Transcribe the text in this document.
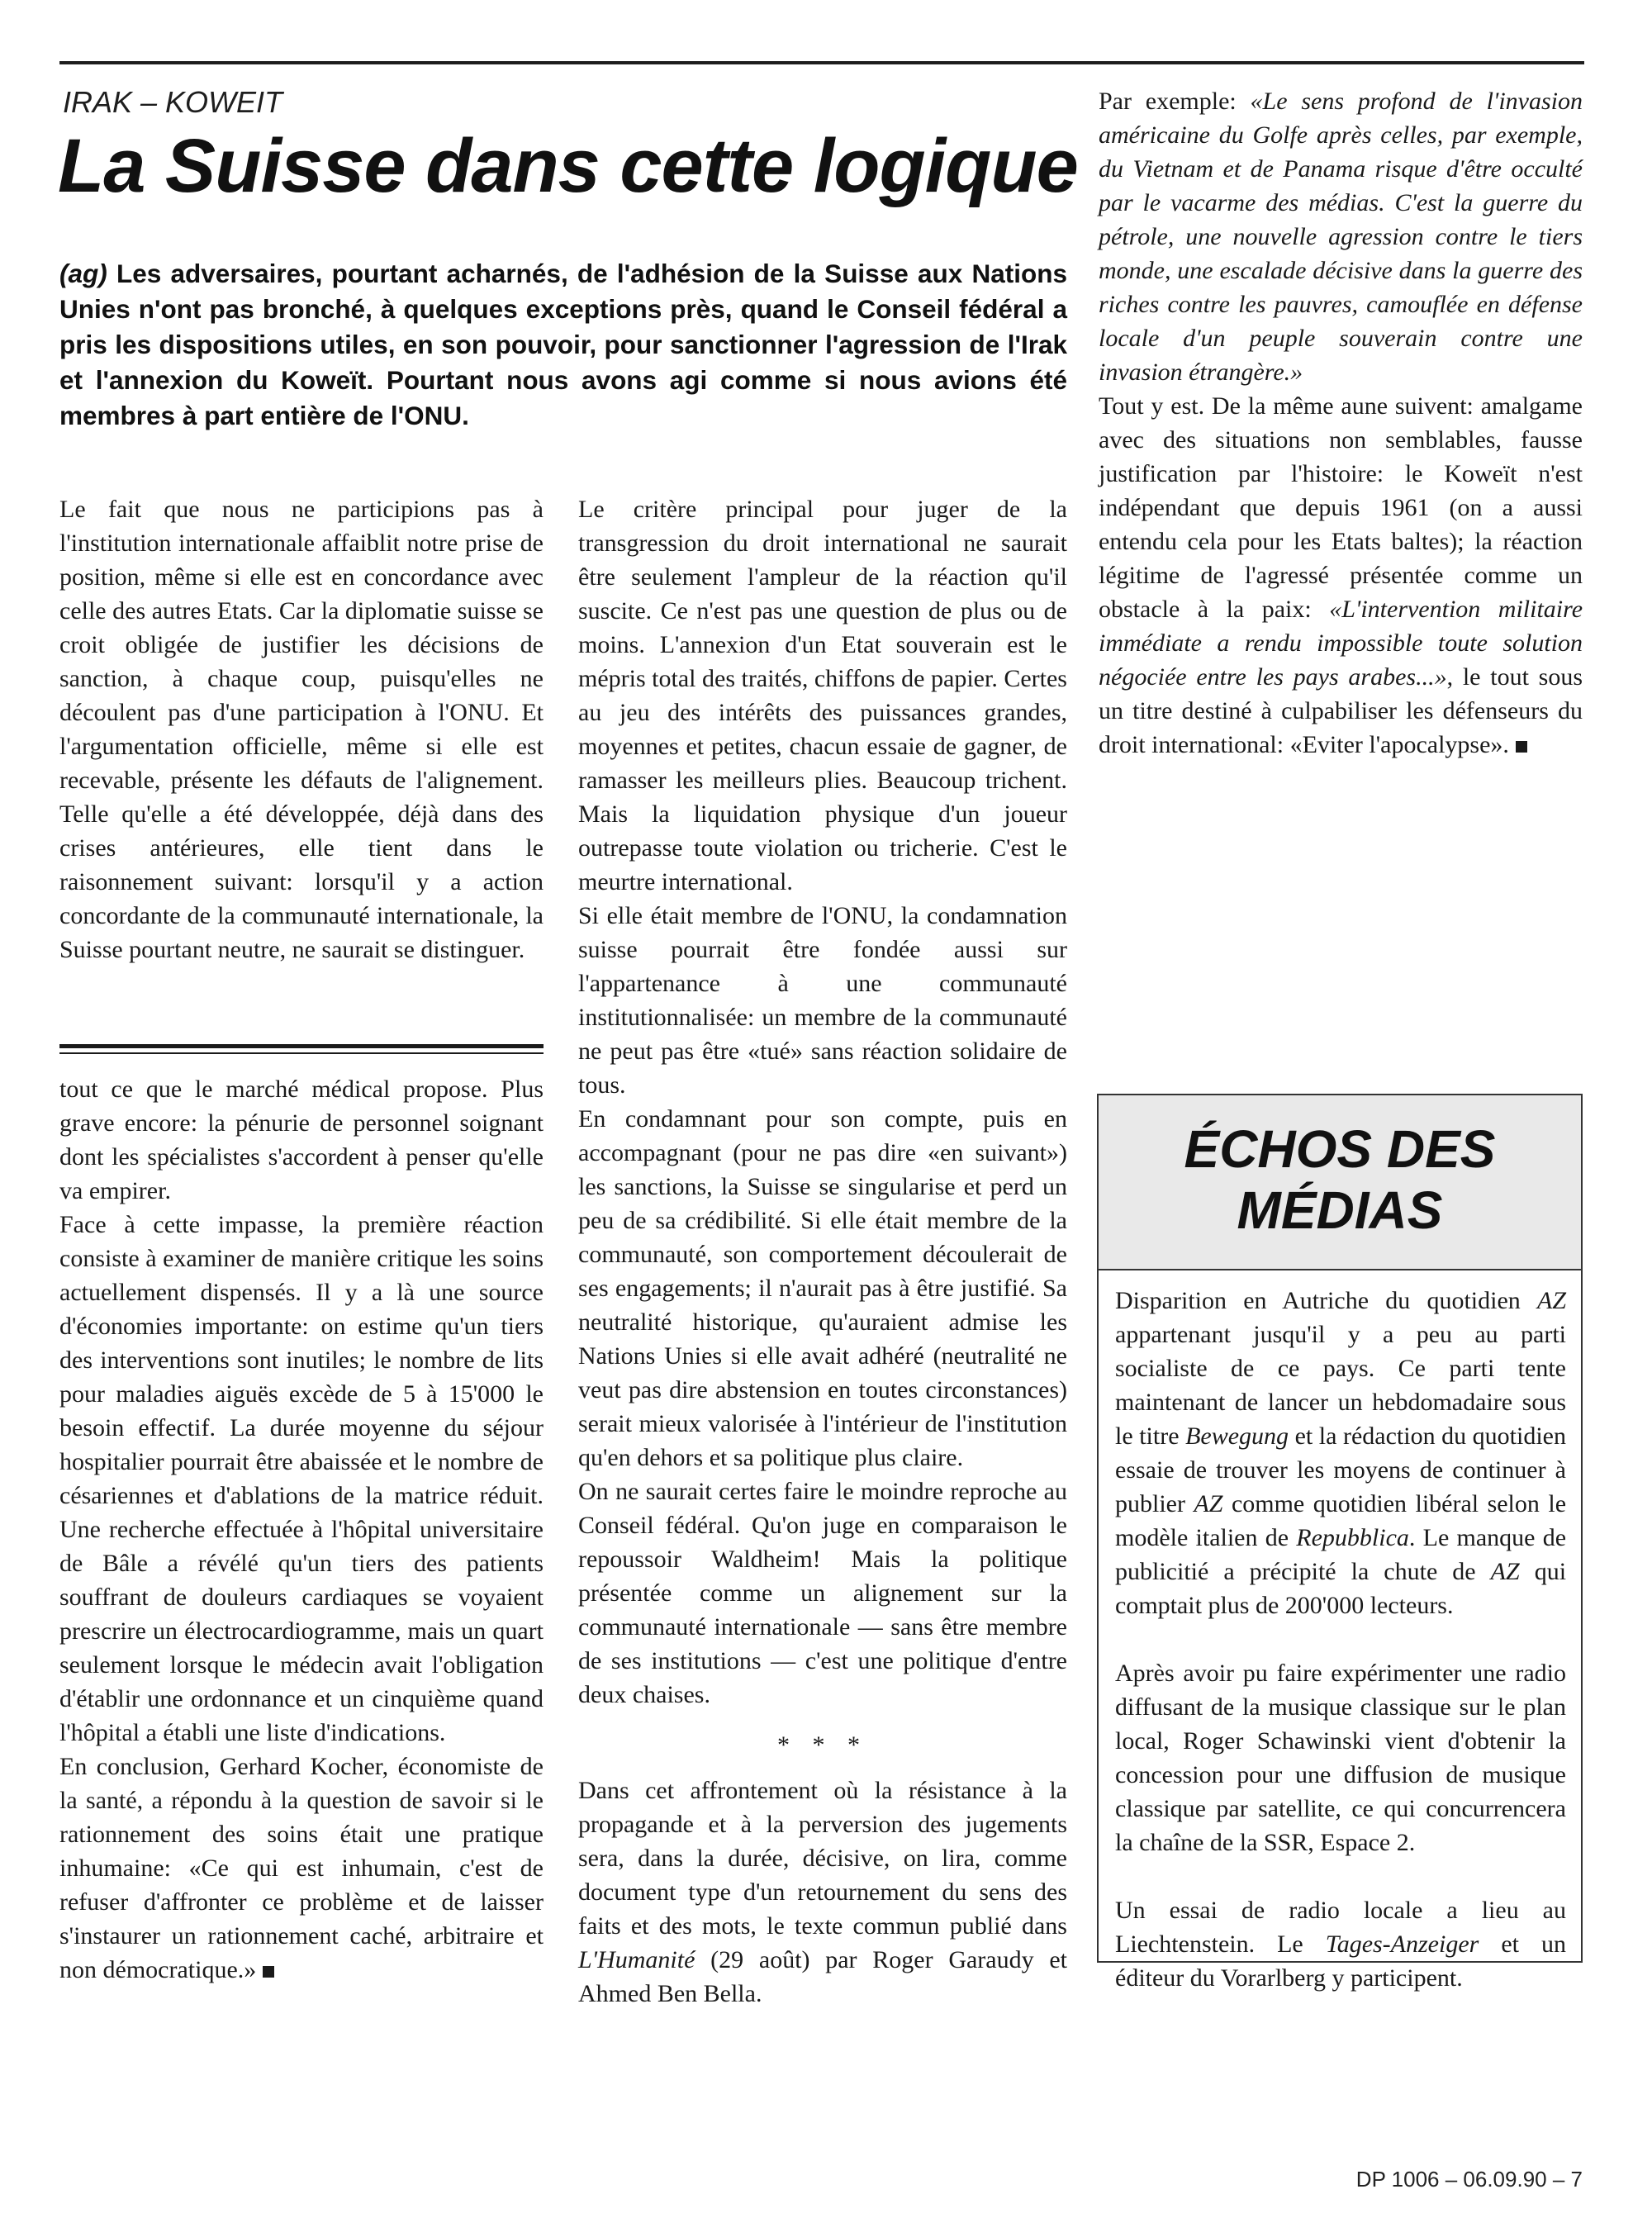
IRAK – KOWEIT
La Suisse dans cette logique
(ag) Les adversaires, pourtant acharnés, de l'adhésion de la Suisse aux Nations Unies n'ont pas bronché, à quelques exceptions près, quand le Conseil fédéral a pris les dispositions utiles, en son pouvoir, pour sanctionner l'agression de l'Irak et l'annexion du Koweït. Pourtant nous avons agi comme si nous avions été membres à part entière de l'ONU.

Le fait que nous ne participions pas à l'institution internationale affaiblit notre prise de position, même si elle est en concordance avec celle des autres Etats. Car la diplomatie suisse se croit obligée de justifier les décisions de sanction, à chaque coup, puisqu'elles ne découlent pas d'une participation à l'ONU. Et l'argumentation officielle, même si elle est recevable, présente les défauts de l'alignement. Telle qu'elle a été développée, déjà dans des crises antérieures, elle tient dans le raisonnement suivant: lorsqu'il y a action concordante de la communauté internationale, la Suisse pourtant neutre, ne saurait se distinguer.

tout ce que le marché médical propose. Plus grave encore: la pénurie de personnel soignant dont les spécialistes s'accordent à penser qu'elle va empirer.

Face à cette impasse, la première réaction consiste à examiner de manière critique les soins actuellement dispensés. Il y a là une source d'économies importante: on estime qu'un tiers des interventions sont inutiles; le nombre de lits pour maladies aiguës excède de 5 à 15'000 le besoin effectif. La durée moyenne du séjour hospitalier pourrait être abaissée et le nombre de césariennes et d'ablations de la matrice réduit. Une recherche effectuée à l'hôpital universitaire de Bâle a révélé qu'un tiers des patients souffrant de douleurs cardiaques se voyaient prescrire un électrocardiogramme, mais un quart seulement lorsque le médecin avait l'obligation d'établir une ordonnance et un cinquième quand l'hôpital a établi une liste d'indications.

En conclusion, Gerhard Kocher, économiste de la santé, a répondu à la question de savoir si le rationnement des soins était une pratique inhumaine: «Ce qui est inhumain, c'est de refuser d'affronter ce problème et de laisser s'instaurer un rationnement caché, arbitraire et non démocratique.»

Le critère principal pour juger de la transgression du droit international ne saurait être seulement l'ampleur de la réaction qu'il suscite. Ce n'est pas une question de plus ou de moins. L'annexion d'un Etat souverain est le mépris total des traités, chiffons de papier. Certes au jeu des intérêts des puissances grandes, moyennes et petites, chacun essaie de gagner, de ramasser les meilleurs plies. Beaucoup trichent. Mais la liquidation physique d'un joueur outrepasse toute violation ou tricherie. C'est le meurtre international.

Si elle était membre de l'ONU, la condamnation suisse pourrait être fondée aussi sur l'appartenance à une communauté institutionnalisée: un membre de la communauté ne peut pas être «tué» sans réaction solidaire de tous.

En condamnant pour son compte, puis en accompagnant (pour ne pas dire «en suivant») les sanctions, la Suisse se singularise et perd un peu de sa crédibilité. Si elle était membre de la communauté, son comportement découlerait de ses engagements; il n'aurait pas à être justifié. Sa neutralité historique, qu'auraient admise les Nations Unies si elle avait adhéré (neutralité ne veut pas dire abstension en toutes circonstances) serait mieux valorisée à l'intérieur de l'institution qu'en dehors et sa politique plus claire.

On ne saurait certes faire le moindre reproche au Conseil fédéral. Qu'on juge en comparaison le repoussoir Waldheim! Mais la politique présentée comme un alignement sur la communauté internationale — sans être membre de ses institutions — c'est une politique d'entre deux chaises.

* * *

Dans cet affrontement où la résistance à la propagande et à la perversion des jugements sera, dans la durée, décisive, on lira, comme document type d'un retournement du sens des faits et des mots, le texte commun publié dans L'Humanité (29 août) par Roger Garaudy et Ahmed Ben Bella.

Par exemple: «Le sens profond de l'invasion américaine du Golfe après celles, par exemple, du Vietnam et de Panama risque d'être occulté par le vacarme des médias. C'est la guerre du pétrole, une nouvelle agression contre le tiers monde, une escalade décisive dans la guerre des riches contre les pauvres, camouflée en défense locale d'un peuple souverain contre une invasion étrangère.»

Tout y est. De la même aune suivent: amalgame avec des situations non semblables, fausse justification par l'histoire: le Koweït n'est indépendant que depuis 1961 (on a aussi entendu cela pour les Etats baltes); la réaction légitime de l'agressé présentée comme un obstacle à la paix: «L'intervention militaire immédiate a rendu impossible toute solution négociée entre les pays arabes...», le tout sous un titre destiné à culpabiliser les défenseurs du droit international: «Eviter l'apocalypse».

ÉCHOS DES MÉDIAS

Disparition en Autriche du quotidien AZ appartenant jusqu'il y a peu au parti socialiste de ce pays. Ce parti tente maintenant de lancer un hebdomadaire sous le titre Bewegung et la rédaction du quotidien essaie de trouver les moyens de continuer à publier AZ comme quotidien libéral selon le modèle italien de Repubblica. Le manque de publicitié a précipité la chute de AZ qui comptait plus de 200'000 lecteurs.

Après avoir pu faire expérimenter une radio diffusant de la musique classique sur le plan local, Roger Schawinski vient d'obtenir la concession pour une diffusion de musique classique par satellite, ce qui concurrencera la chaîne de la SSR, Espace 2.

Un essai de radio locale a lieu au Liechtenstein. Le Tages-Anzeiger et un éditeur du Vorarlberg y participent.

DP 1006 – 06.09.90 – 7
